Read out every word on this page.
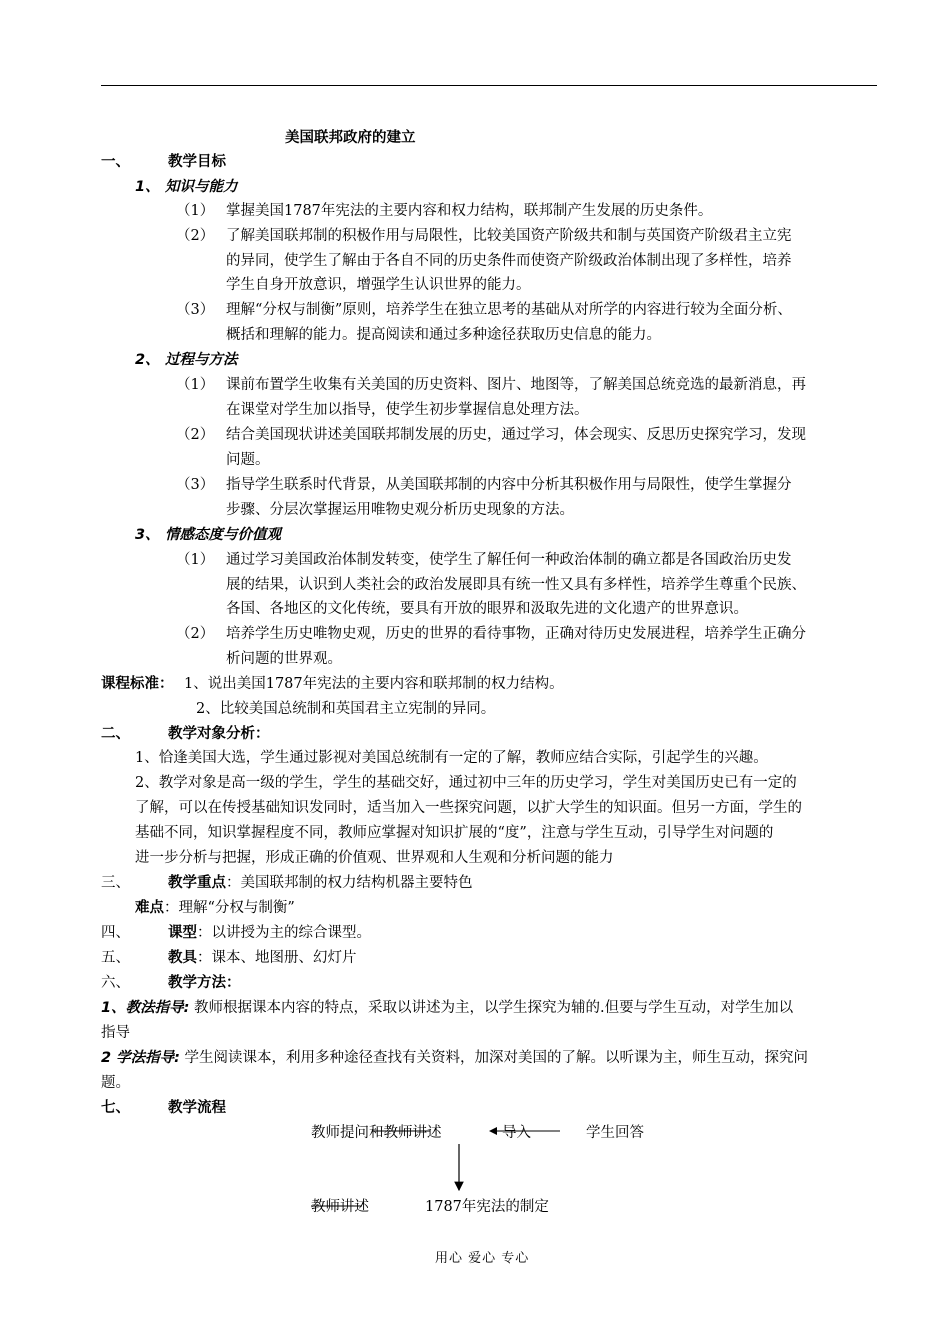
美国联邦政府的建立
一、	教学目标
1、 知识与能力
（1） 掌握美国1787年宪法的主要内容和权力结构，联邦制产生发展的历史条件。
（2） 了解美国联邦制的积极作用与局限性，比较美国资产阶级共和制与英国资产阶级君主立宪
的异同，使学生了解由于各自不同的历史条件而使资产阶级政治体制出现了多样性，培养
学生自身开放意识，增强学生认识世界的能力。
（3） 理解“分权与制衡”原则，培养学生在独立思考的基础从对所学的内容进行较为全面分析、
概括和理解的能力。提高阅读和通过多种途径获取历史信息的能力。
2、 过程与方法
（1） 课前布置学生收集有关美国的历史资料、图片、地图等，了解美国总统竞选的最新消息，再
在课堂对学生加以指导，使学生初步掌握信息处理方法。
（2） 结合美国现状讲述美国联邦制发展的历史，通过学习，体会现实、反思历史探究学习，发现
问题。
（3） 指导学生联系时代背景，从美国联邦制的内容中分析其积极作用与局限性，使学生掌握分
步骤、分层次掌握运用唯物史观分析历史现象的方法。
3、 情感态度与价值观
（1） 通过学习美国政治体制发转变，使学生了解任何一种政治体制的确立都是各国政治历史发
展的结果，认识到人类社会的政治发展即具有统一性又具有多样性，培养学生尊重个民族、
各国、各地区的文化传统，要具有开放的眼界和汲取先进的文化遗产的世界意识。
（2） 培养学生历史唯物史观，历史的世界的看待事物，正确对待历史发展进程，培养学生正确分
析问题的世界观。
课程标准： 1、说出美国1787年宪法的主要内容和联邦制的权力结构。
2、比较美国总统制和英国君主立宪制的异同。
二、	教学对象分析：
1、恰逢美国大选，学生通过影视对美国总统制有一定的了解，教师应结合实际，引起学生的兴趣。
2、教学对象是高一级的学生，学生的基础交好，通过初中三年的历史学习，学生对美国历史已有一定的
了解，可以在传授基础知识发同时，适当加入一些探究问题，以扩大学生的知识面。但另一方面，学生的
基础不同，知识掌握程度不同，教师应掌握对知识扩展的“度”，注意与学生互动，引导学生对问题的
进一步分析与把握，形成正确的价值观、世界观和人生观和分析问题的能力
三、	教学重点：美国联邦制的权力结构机器主要特色
难点：理解“分权与制衡”
四、	课型：以讲授为主的综合课型。
五、	教具：课本、地图册、幻灯片
六、	教学方法：
1、教法指导: 教师根据课本内容的特点，采取以讲述为主，以学生探究为辅的.但要与学生互动，对学生加以
指导
2 学法指导: 学生阅读课本，利用多种途径查找有关资料，加深对美国的了解。以听课为主，师生互动，探究问
题。
七、	教学流程
教师提问和教师讲述	导入	学生回答
教师讲述	1787年宪法的制定
用心 爱心 专心
